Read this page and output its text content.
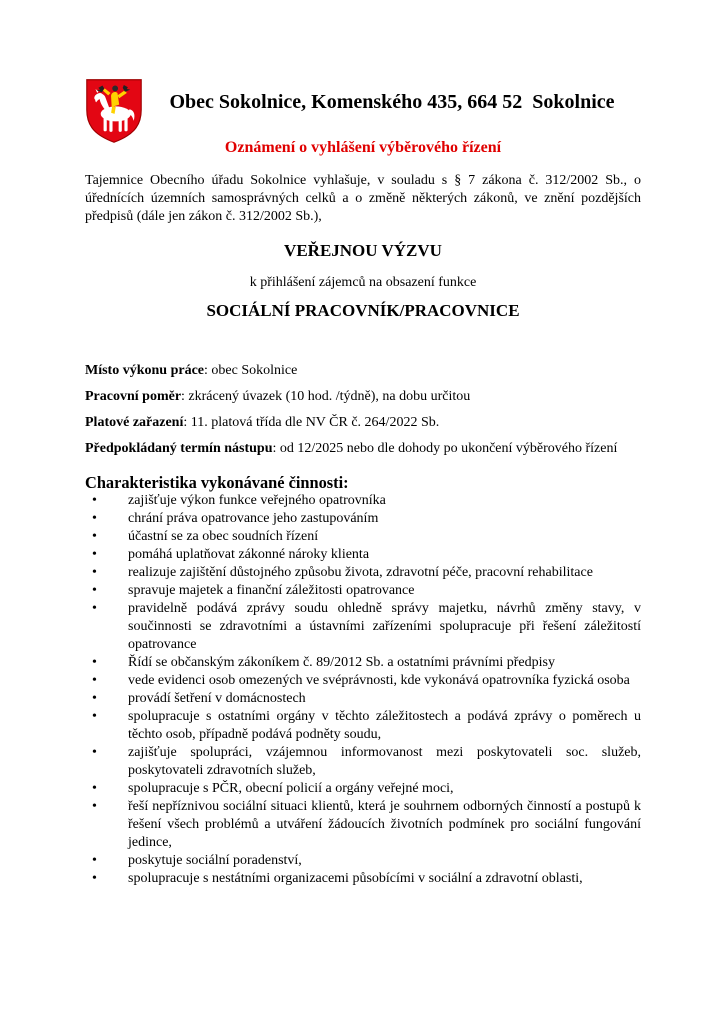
Obec Sokolnice, Komenského 435, 664 52  Sokolnice
Oznámení o vyhlášení výběrového řízení

Tajemnice Obecního úřadu Sokolnice vyhlašuje, v souladu s § 7 zákona č. 312/2002 Sb., o úřednících územních samosprávných celků a o změně některých zákonů, ve znění pozdějších předpisů (dále jen zákon č. 312/2002 Sb.),

VEŘEJNOU VÝZVU

k přihlášení zájemců na obsazení funkce

SOCIÁLNÍ PRACOVNÍK/PRACOVNICE

Místo výkonu práce: obec Sokolnice

Pracovní poměr: zkrácený úvazek (10 hod. /týdně), na dobu určitou

Platové zařazení: 11. platová třída dle NV ČR č. 264/2022 Sb.

Předpokládaný termín nástupu: od 12/2025 nebo dle dohody po ukončení výběrového řízení

Charakteristika vykonávané činnosti:
• zajišťuje výkon funkce veřejného opatrovníka
• chrání práva opatrovance jeho zastupováním
• účastní se za obec soudních řízení
• pomáhá uplatňovat zákonné nároky klienta
• realizuje zajištění důstojného způsobu života, zdravotní péče, pracovní rehabilitace
• spravuje majetek a finanční záležitosti opatrovance
• pravidelně podává zprávy soudu ohledně správy majetku, návrhů změny stavy, v součinnosti se zdravotními a ústavními zařízeními spolupracuje při řešení záležitostí opatrovance
• Řídí se občanským zákoníkem č. 89/2012 Sb. a ostatními právními předpisy
• vede evidenci osob omezených ve svéprávnosti, kde vykonává opatrovníka fyzická osoba
• provádí šetření v domácnostech
• spolupracuje s ostatními orgány v těchto záležitostech a podává zprávy o poměrech u těchto osob, případně podává podněty soudu,
• zajišťuje spolupráci, vzájemnou informovanost mezi poskytovateli soc. služeb, poskytovateli zdravotních služeb,
• spolupracuje s PČR, obecní policií a orgány veřejné moci,
• řeší nepříznivou sociální situaci klientů, která je souhrnem odborných činností a postupů k řešení všech problémů a utváření žádoucích životních podmínek pro sociální fungování jedince,
• poskytuje sociální poradenství,
• spolupracuje s nestátními organizacemi působícími v sociální a zdravotní oblasti,
